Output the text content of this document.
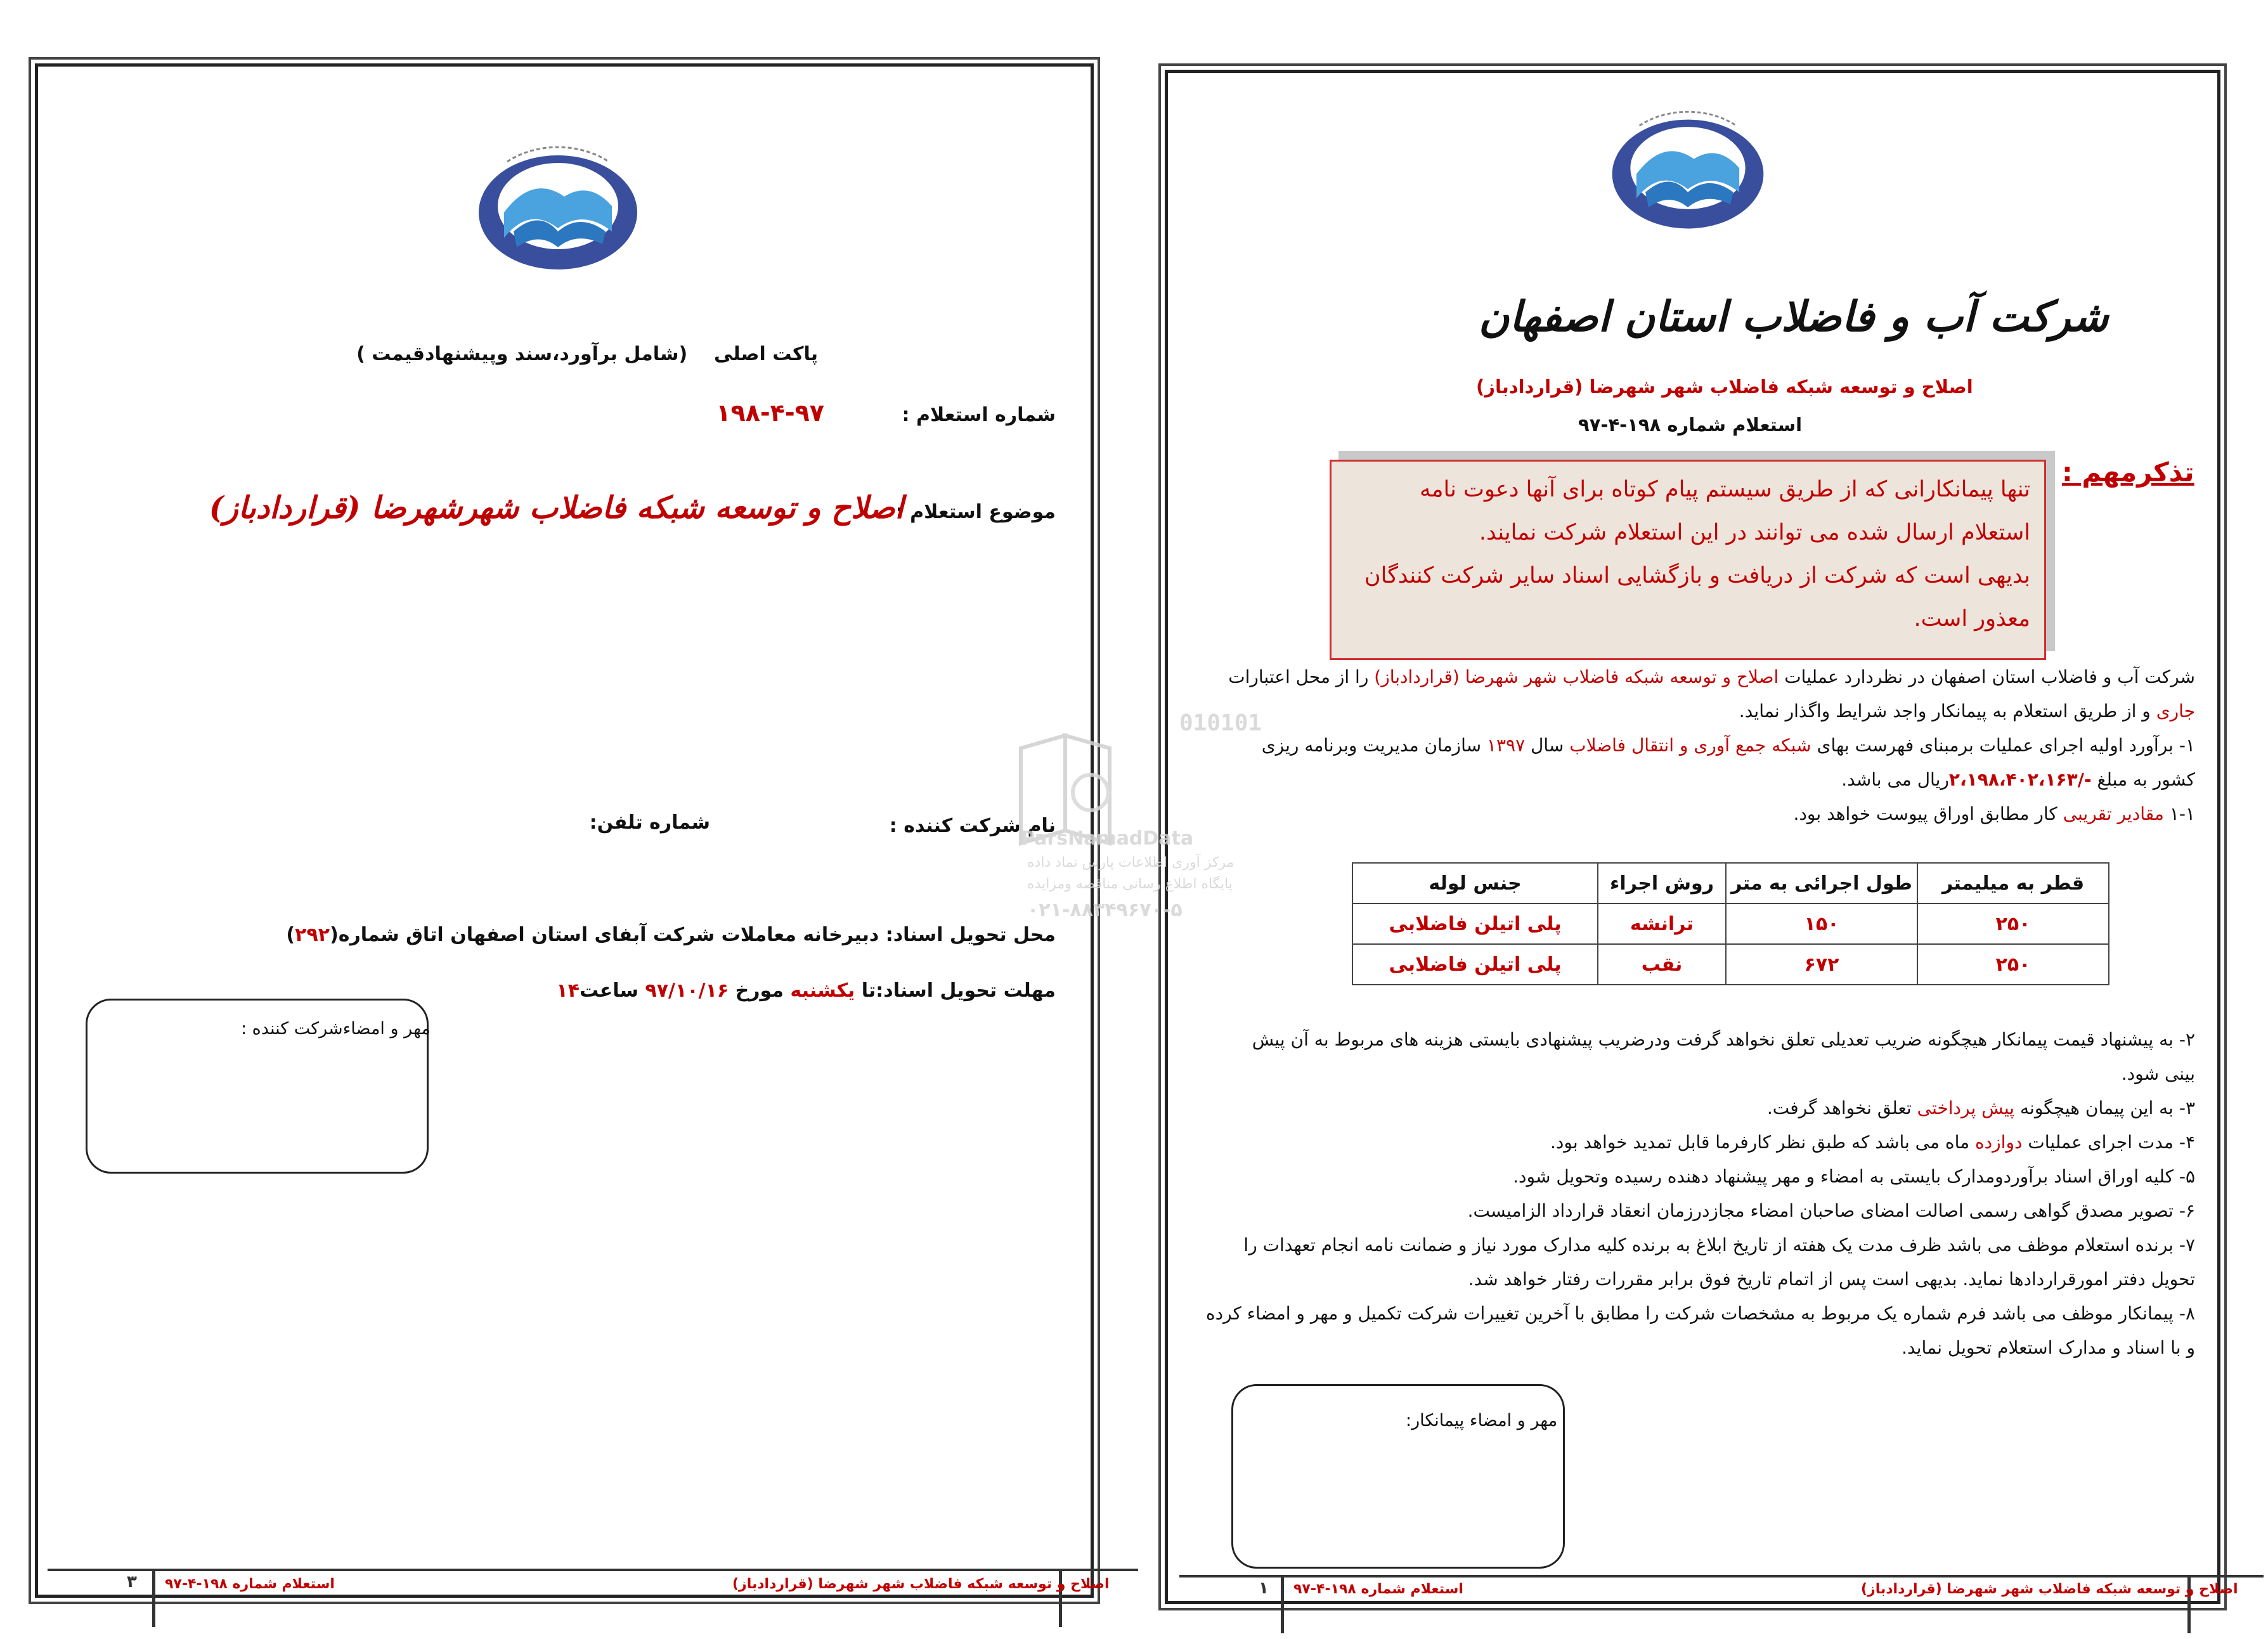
پاکت اصلی    (شامل برآورد،سند وپیشنهادقیمت )
شماره استعلام :
۱۹۸-۴-۹۷
موضوع استعلام :
اصلاح و توسعه شبکه فاضلاب شهرشهرضا (قراردادباز)
نام شرکت کننده :
شماره تلفن:
محل تحویل اسناد: دبیرخانه معاملات شرکت آبفای استان اصفهان اتاق شماره(۲۹۲)
مهلت تحویل اسناد:تا یکشنبه مورخ ۹۷/۱۰/۱۶ ساعت۱۴
مهر و امضاءشرکت کننده :
اصلاح و توسعه شبکه فاضلاب شهر شهرضا (قراردادباز)
استعلام شماره ۱۹۸-۴-۹۷
۳
شرکت آب و فاضلاب استان اصفهان
اصلاح و توسعه شبکه فاضلاب شهر شهرضا (قراردادباز)
استعلام شماره ۱۹۸-۴-۹۷
تذکرمهم :
تنها پیمانکارانی که از طریق سیستم پیام کوتاه برای آنها دعوت نامه
استعلام ارسال شده می توانند در این استعلام شرکت نمایند.
بدیهی است که شرکت از دریافت و بازگشایی اسناد سایر شرکت کنندگان
معذور است.
شرکت آب و فاضلاب استان اصفهان در نظردارد عملیات اصلاح و توسعه شبکه فاضلاب شهر شهرضا (قراردادباز) را از محل اعتبارات
جاری و از طریق استعلام به پیمانکار واجد شرایط واگذار نماید.
۱- برآورد اولیه اجرای عملیات برمبنای فهرست بهای شبکه جمع آوری و انتقال فاضلاب سال ۱۳۹۷ سازمان مدیریت وبرنامه ریزی
کشور به مبلغ -/۲،۱۹۸،۴۰۲،۱۶۳ریال می باشد.
۱-۱ مقادیر تقریبی کار مطابق اوراق پیوست خواهد بود.
قطر به میلیمتر	طول اجرائی به متر	روش اجراء	جنس لوله
۲۵۰	۱۵۰	ترانشه	پلی اتیلن فاضلابی
۲۵۰	۶۷۲	نقب	پلی اتیلن فاضلابی
۲- به پیشنهاد قیمت پیمانکار هیچگونه ضریب تعدیلی تعلق نخواهد گرفت ودرضریب پیشنهادی بایستی هزینه های مربوط به آن پیش
بینی شود.
۳- به این پیمان هیچگونه پیش پرداختی تعلق نخواهد گرفت.
۴- مدت اجرای عملیات دوازده ماه می باشد که طبق نظر کارفرما قابل تمدید خواهد بود.
۵- کلیه اوراق اسناد برآوردومدارک بایستی به امضاء و مهر پیشنهاد دهنده رسیده وتحویل شود.
۶- تصویر مصدق گواهی رسمی اصالت امضای صاحبان امضاء مجازدرزمان انعقاد قرارداد الزامیست.
۷- برنده استعلام موظف می باشد ظرف مدت یک هفته از تاریخ ابلاغ به برنده کلیه مدارک مورد نیاز و ضمانت نامه انجام تعهدات را
تحویل دفتر امورقراردادها نماید. بدیهی است پس از اتمام تاریخ فوق برابر مقررات رفتار خواهد شد.
۸- پیمانکار موظف می باشد فرم شماره یک مربوط به مشخصات شرکت را مطابق با آخرین تغییرات شرکت تکمیل و مهر و امضاء کرده
و با اسناد و مدارک استعلام تحویل نماید.
مهر و امضاء پیمانکار:
اصلاح و توسعه شبکه فاضلاب شهر شهرضا (قراردادباز)
استعلام شماره ۱۹۸-۴-۹۷
۱
010101
ParsNamadData
مرکز آوری اطلاعات پارس نماد داده
پایگاه اطلاع رسانی مناقصه ومزایده
۰۲۱-۸۸۳۴۹۶۷۰-۵
